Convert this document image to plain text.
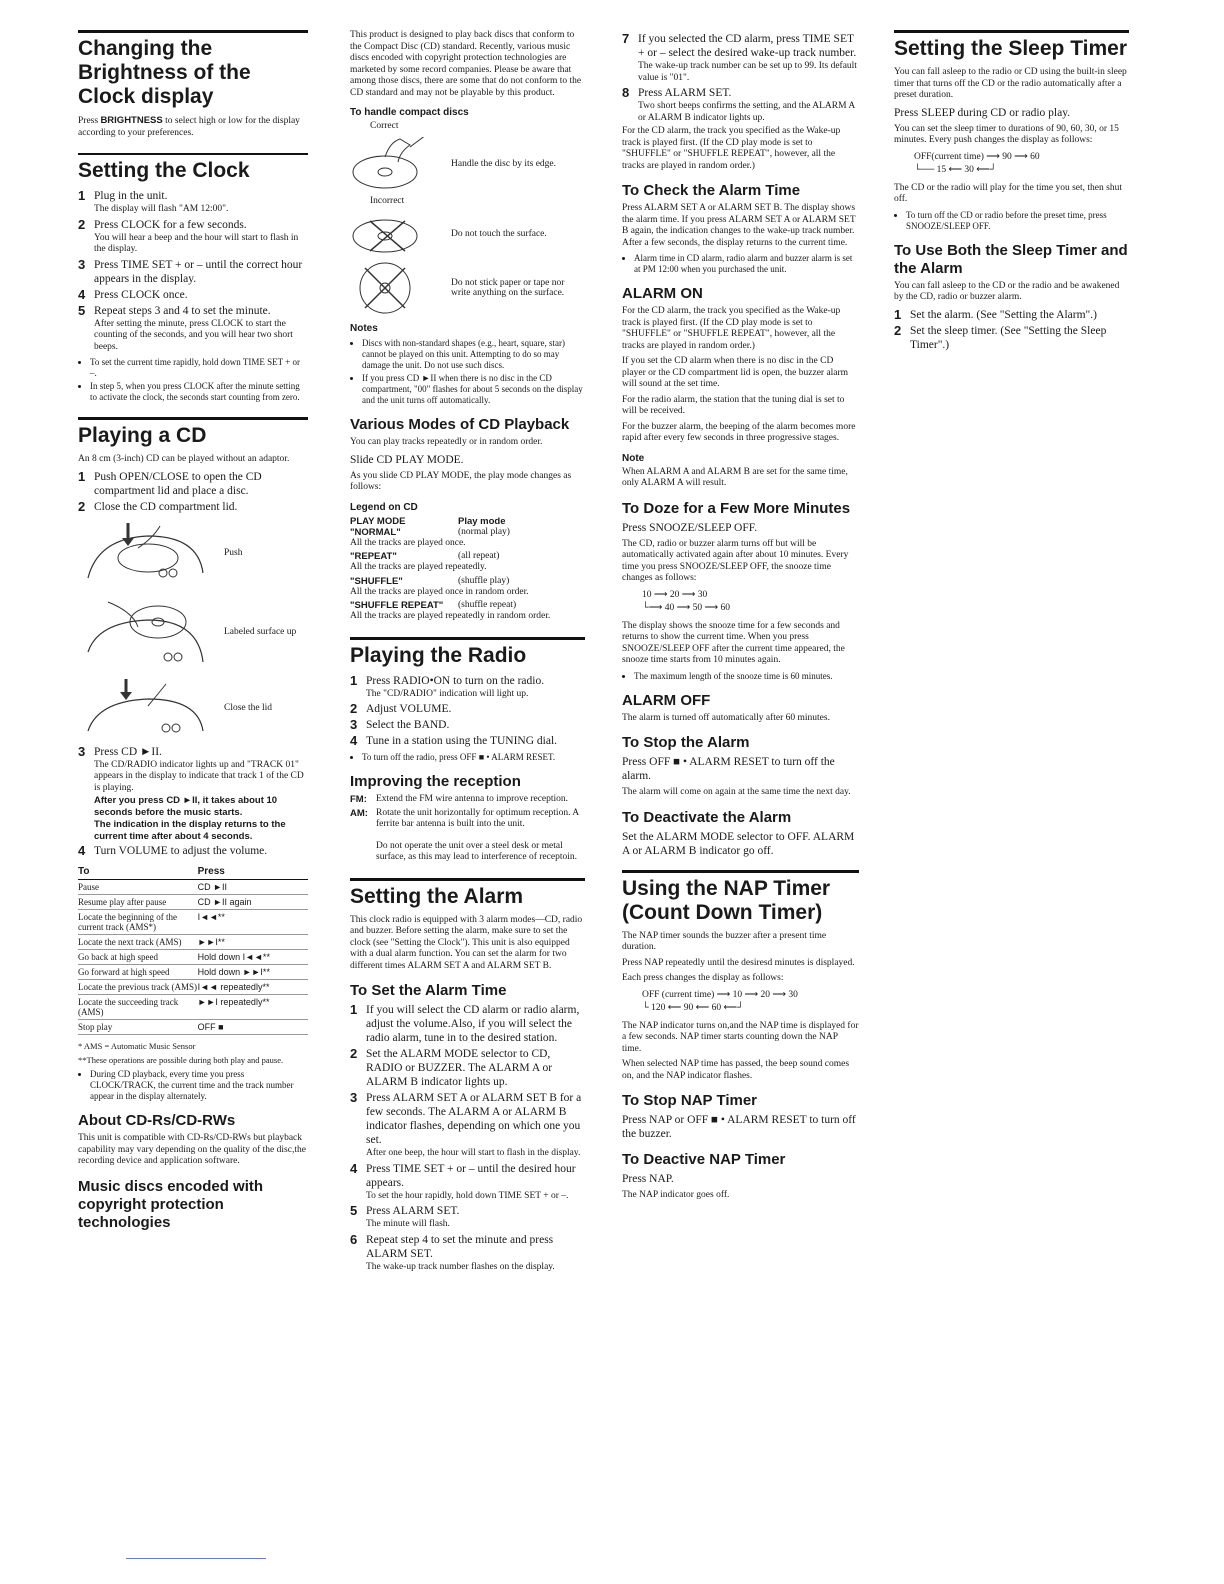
Changing the Brightness of the Clock display

Press BRIGHTNESS to select high or low for the display according to your preferences.

Setting the Clock
1 Plug in the unit.
The display will flash "AM 12:00".
2 Press CLOCK for a few seconds.
You will hear a beep and the hour will start to flash in the display.
3 Press TIME SET + or – until the correct hour appears in the display.
4 Press CLOCK once.
5 Repeat steps 3 and 4 to set the minute.
After setting the minute, press CLOCK to start the counting of the seconds, and you will hear two short beeps.
• To set the current time rapidly, hold down TIME SET + or –.
• In step 5, when you press CLOCK after the minute setting to activate the clock, the seconds start counting from zero.
Playing a CD

An 8 cm (3-inch) CD can be played without an adaptor.

1 Push OPEN/CLOSE to open the CD compartment lid and place a disc.
2 Close the CD compartment lid.
Push
Labeled surface up
Close the lid
3 Press CD ►II.
The CD/RADIO indicator lights up and "TRACK 01" appears in the display to indicate that track 1 of the CD is playing.
After you press CD ►II, it takes about 10 seconds before the music starts.
The indication in the display returns to the current time after about 4 seconds.
4 Turn VOLUME to adjust the volume.
To	Press
Pause	CD ►II
Resume play after pause	CD ►II again
Locate the beginning of the current track (AMS*)	I◄◄**
Locate the next track (AMS)	►►I**
Go back at high speed	Hold down I◄◄**
Go forward at high speed	Hold down ►►I**
Locate the previous track (AMS)	I◄◄ repeatedly**
Locate the succeeding track (AMS)	►►I repeatedly**
Stop play	OFF ■

* AMS = Automatic Music Sensor

**These operations are possible during both play and pause.

• During CD playback, every time you press CLOCK/TRACK, the current time and the track number appear in the display alternately.
About CD-Rs/CD-RWs

This unit is compatible with CD-Rs/CD-RWs but playback capability may vary depending on the quality of the disc,the recording device and application software.

Music discs encoded with copyright protection technologies

This product is designed to play back discs that conform to the Compact Disc (CD) standard. Recently, various music discs encoded with copyright protection technologies are marketed by some record companies. Please be aware that among those discs, there are some that do not conform to the CD standard and may not be playable by this product.

To handle compact discs

Correct

Handle the disc by its edge.

Incorrect

Do not touch the surface.
Do not stick paper or tape nor write anything on the surface.
Notes
• Discs with non-standard shapes (e.g., heart, square, star) cannot be played on this unit. Attempting to do so may damage the unit. Do not use such discs.
• If you press CD ►II when there is no disc in the CD compartment, "00" flashes for about 5 seconds on the display and the unit turns off automatically.
Various Modes of CD Playback

You can play tracks repeatedly or in random order.

Slide CD PLAY MODE.

As you slide CD PLAY MODE, the play mode changes as follows:

Legend on CD
PLAY MODE	Play mode
"NORMAL"	(normal play)

All the tracks are played once.

"REPEAT"	(all repeat)

All the tracks are played repeatedly.

"SHUFFLE"	(shuffle play)

All the tracks are played once in random order.

"SHUFFLE REPEAT"	(shuffle repeat)

All the tracks are played repeatedly in random order.

Playing the Radio
1 Press RADIO•ON to turn on the radio.
The "CD/RADIO" indication will light up.
2 Adjust VOLUME.
3 Select the BAND.
4 Tune in a station using the TUNING dial.
• To turn off the radio, press OFF ■ • ALARM RESET.
Improving the reception
FM: Extend the FM wire antenna to improve reception.
AM: Rotate the unit horizontally for optimum reception. A ferrite bar antenna is built into the unit.

Do not operate the unit over a steel desk or metal surface, as this may lead to interference of receptoin.

Setting the Alarm

This clock radio is equipped with 3 alarm modes—CD, radio and buzzer. Before setting the alarm, make sure to set the clock (see "Setting the Clock"). This unit is also equipped with a dual alarm function. You can set the alarm for two different times ALARM SET A and ALARM SET B.

To Set the Alarm Time
1 If you will select the CD alarm or radio alarm, adjust the volume.Also, if you will select the radio alarm, tune in to the desired station.
2 Set the ALARM MODE selector to CD, RADIO or BUZZER. The ALARM A or ALARM B indicator lights up.
3 Press ALARM SET A or ALARM SET B for a few seconds. The ALARM A or ALARM B indicator flashes, depending on which one you set.
After one beep, the hour will start to flash in the display.
4 Press TIME SET + or – until the desired hour appears.
To set the hour rapidly, hold down TIME SET + or –.
5 Press ALARM SET.
The minute will flash.
6 Repeat step 4 to set the minute and press ALARM SET.
The wake-up track number flashes on the display.
7 If you selected the CD alarm, press TIME SET + or – select the desired wake-up track number.
The wake-up track number can be set up to 99. Its default value is "01".
8 Press ALARM SET.
Two short beeps confirms the setting, and the ALARM A or ALARM B indicator lights up.

For the CD alarm, the track you specified as the Wake-up track is played first. (If the CD play mode is set to "SHUFFLE" or "SHUFFLE REPEAT", however, all the tracks are played in random order.)

To Check the Alarm Time

Press ALARM SET A or ALARM SET B. The display shows the alarm time. If you press ALARM SET A or ALARM SET B again, the indication changes to the wake-up track number. After a few seconds, the display returns to the current time.

• Alarm time in CD alarm, radio alarm and buzzer alarm is set at PM 12:00 when you purchased the unit.
ALARM ON

For the CD alarm, the track you specified as the Wake-up track is played first. (If the CD play mode is set to "SHUFFLE" or "SHUFFLE REPEAT", however, all the tracks are played in random order.)

If you set the CD alarm when there is no disc in the CD player or the CD compartment lid is open, the buzzer alarm will sound at the set time.

For the radio alarm, the station that the tuning dial is set to will be received.

For the buzzer alarm, the beeping of the alarm becomes more rapid after every few seconds in three progressive stages.

Note

When ALARM A and ALARM B are set for the same time, only ALARM A will result.

To Doze for a Few More Minutes

Press SNOOZE/SLEEP OFF.

The CD, radio or buzzer alarm turns off but will be automatically activated again after about 10 minutes. Every time you press SNOOZE/SLEEP OFF, the snooze time changes as follows:

10 ⟶ 20 ⟶ 30
└⟶ 40 ⟶ 50 ⟶ 60

The display shows the snooze time for a few seconds and returns to show the current time. When you press SNOOZE/SLEEP OFF after the current time appeared, the snooze time starts from 10 minutes again.

• The maximum length of the snooze time is 60 minutes.
ALARM OFF

The alarm is turned off automatically after 60 minutes.

To Stop the Alarm

Press OFF ■ • ALARM RESET to turn off the alarm.

The alarm will come on again at the same time the next day.

To Deactivate the Alarm

Set the ALARM MODE selector to OFF. ALARM A or ALARM B indicator go off.

Using the NAP Timer (Count Down Timer)

The NAP timer sounds the buzzer after a present time duration.

Press NAP repeatedly until the desiresd minutes is displayed.

Each press changes the display as follows:

OFF (current time) ⟶ 10 ⟶ 20 ⟶ 30
└ 120 ⟵ 90 ⟵ 60 ⟵┘

The NAP indicator turns on,and the NAP time is displayed for a few seconds. NAP timer starts counting down the NAP time.

When selected NAP time has passed, the beep sound comes on, and the NAP indicator flashes.

To Stop NAP Timer

Press NAP or OFF ■ • ALARM RESET to turn off the buzzer.

To Deactive NAP Timer

Press NAP.

The NAP indicator goes off.

Setting the Sleep Timer

You can fall asleep to the radio or CD using the built-in sleep timer that turns off the CD or the radio automatically after a preset duration.

Press SLEEP during CD or radio play.

You can set the sleep timer to durations of 90, 60, 30, or 15 minutes. Every push changes the display as follows:

OFF(current time) ⟶ 90 ⟶ 60
└── 15 ⟵ 30 ⟵┘

The CD or the radio will play for the time you set, then shut off.

• To turn off the CD or radio before the preset time, press SNOOZE/SLEEP OFF.
To Use Both the Sleep Timer and the Alarm

You can fall asleep to the CD or the radio and be awakened by the CD, radio or buzzer alarm.

1 Set the alarm. (See "Setting the Alarm".)
2 Set the sleep timer. (See "Setting the Sleep Timer".)
